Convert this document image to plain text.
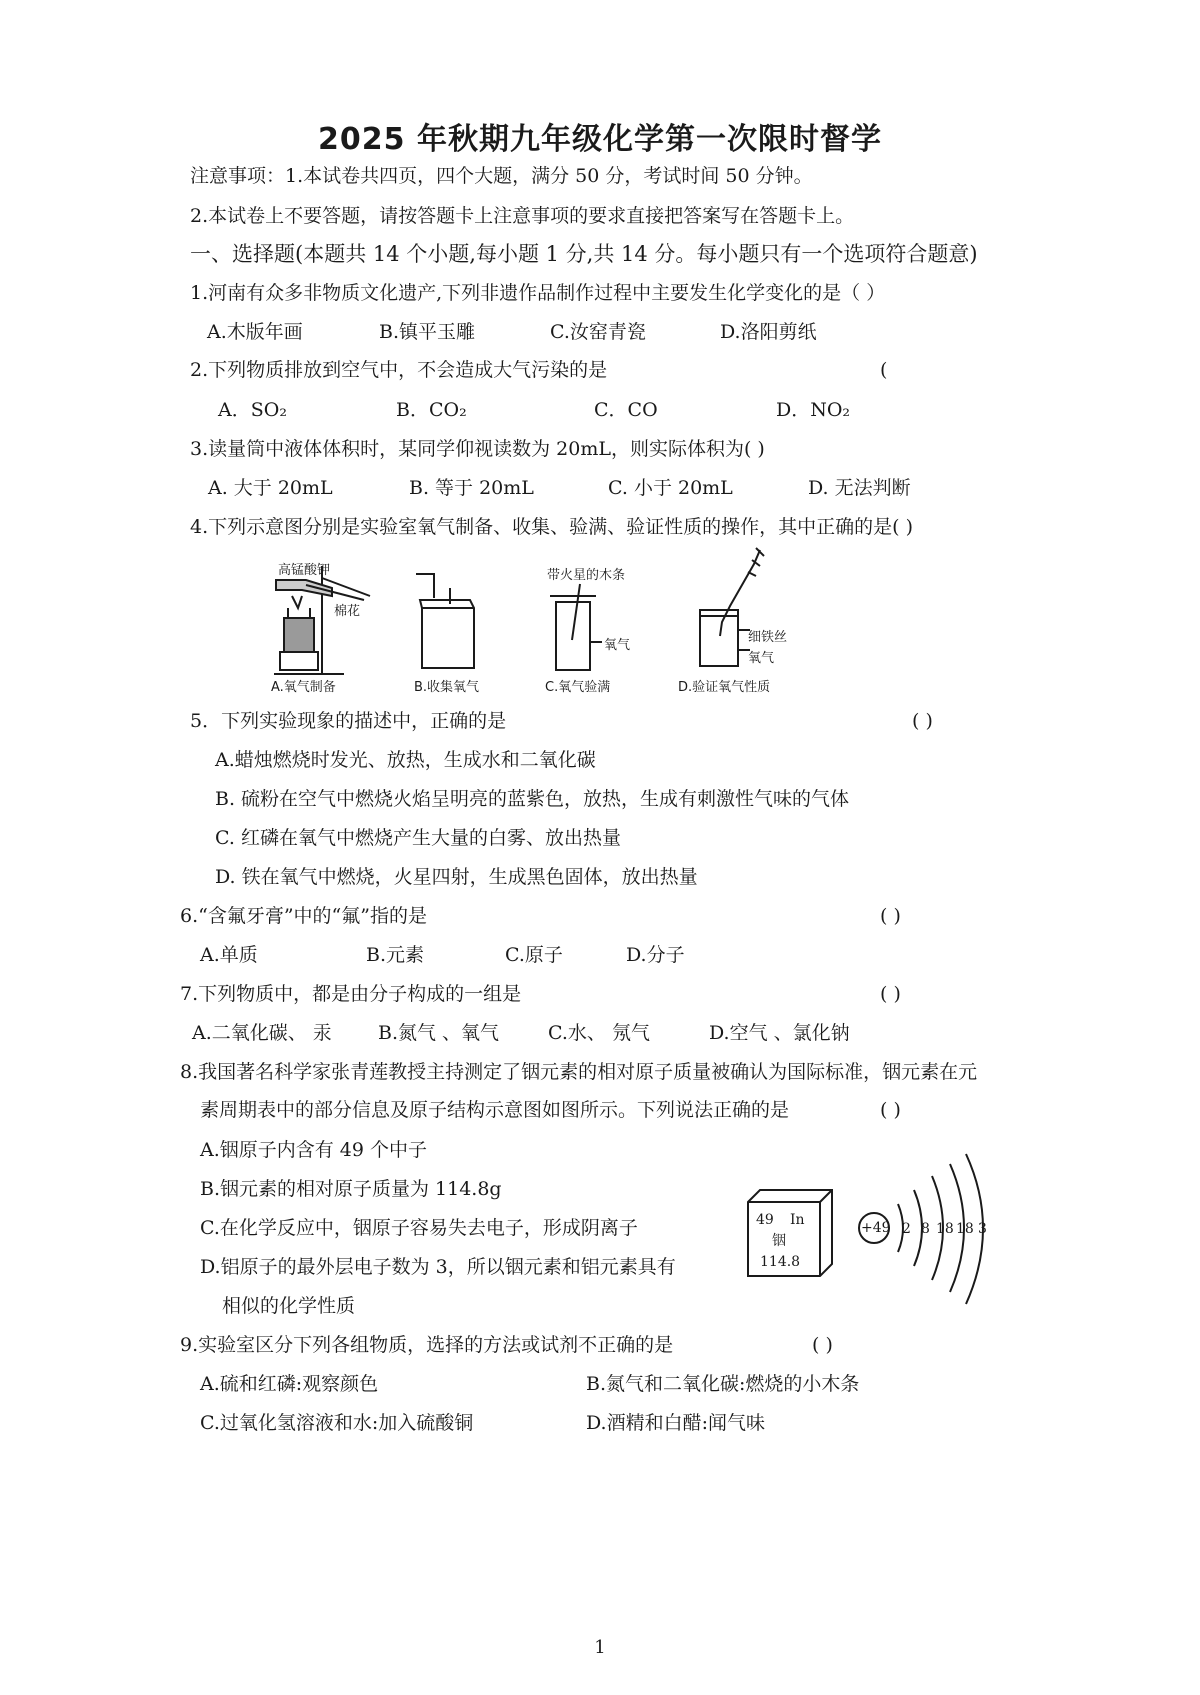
2025 年秋期九年级化学第一次限时督学
注意事项：1.本试卷共四页，四个大题，满分 50 分，考试时间 50 分钟。
2.本试卷上不要答题，请按答题卡上注意事项的要求直接把答案写在答题卡上。
一、选择题(本题共 14 个小题,每小题 1 分,共 14 分。每小题只有一个选项符合题意)
1.河南有众多非物质文化遗产,下列非遗作品制作过程中主要发生化学变化的是（ ）
A.木版年画	B.镇平玉雕	C.汝窑青瓷	D.洛阳剪纸
2.下列物质排放到空气中，不会造成大气污染的是	(
A．SO₂	B．CO₂	C．CO	D．NO₂
3.读量筒中液体体积时，某同学仰视读数为 20mL，则实际体积为( )
A. 大于 20mL	B. 等于 20mL	C. 小于 20mL	D. 无法判断
4.下列示意图分别是实验室氧气制备、收集、验满、验证性质的操作，其中正确的是( )
高锰酸钾
棉花
A.氧气制备	B.收集氧气
带火星的木条
氧气
C.氧气验满
细铁丝
氧气
D.验证氧气性质
5．下列实验现象的描述中，正确的是	( )
A.蜡烛燃烧时发光、放热，生成水和二氧化碳
B. 硫粉在空气中燃烧火焰呈明亮的蓝紫色，放热，生成有刺激性气味的气体
C. 红磷在氧气中燃烧产生大量的白雾、放出热量
D. 铁在氧气中燃烧，火星四射，生成黑色固体，放出热量
6.“含氟牙膏”中的“氟”指的是	( )
A.单质	B.元素	C.原子	D.分子
7.下列物质中，都是由分子构成的一组是	( )
A.二氧化碳、 汞 B.氮气 、氧气	C.水、 氖气	D.空气 、氯化钠
8.我国著名科学家张青莲教授主持测定了铟元素的相对原子质量被确认为国际标准，铟元素在元
素周期表中的部分信息及原子结构示意图如图所示。下列说法正确的是	( )
A.铟原子内含有 49 个中子
B.铟元素的相对原子质量为 114.8g
C.在化学反应中，铟原子容易失去电子，形成阴离子
D.铝原子的最外层电子数为 3，所以铟元素和铝元素具有
相似的化学性质
49 In
铟
114.8
+49 2 8 18 18 3
9.实验室区分下列各组物质，选择的方法或试剂不正确的是	( )
A.硫和红磷:观察颜色	B.氮气和二氧化碳:燃烧的小木条
C.过氧化氢溶液和水:加入硫酸铜	D.酒精和白醋:闻气味
1
